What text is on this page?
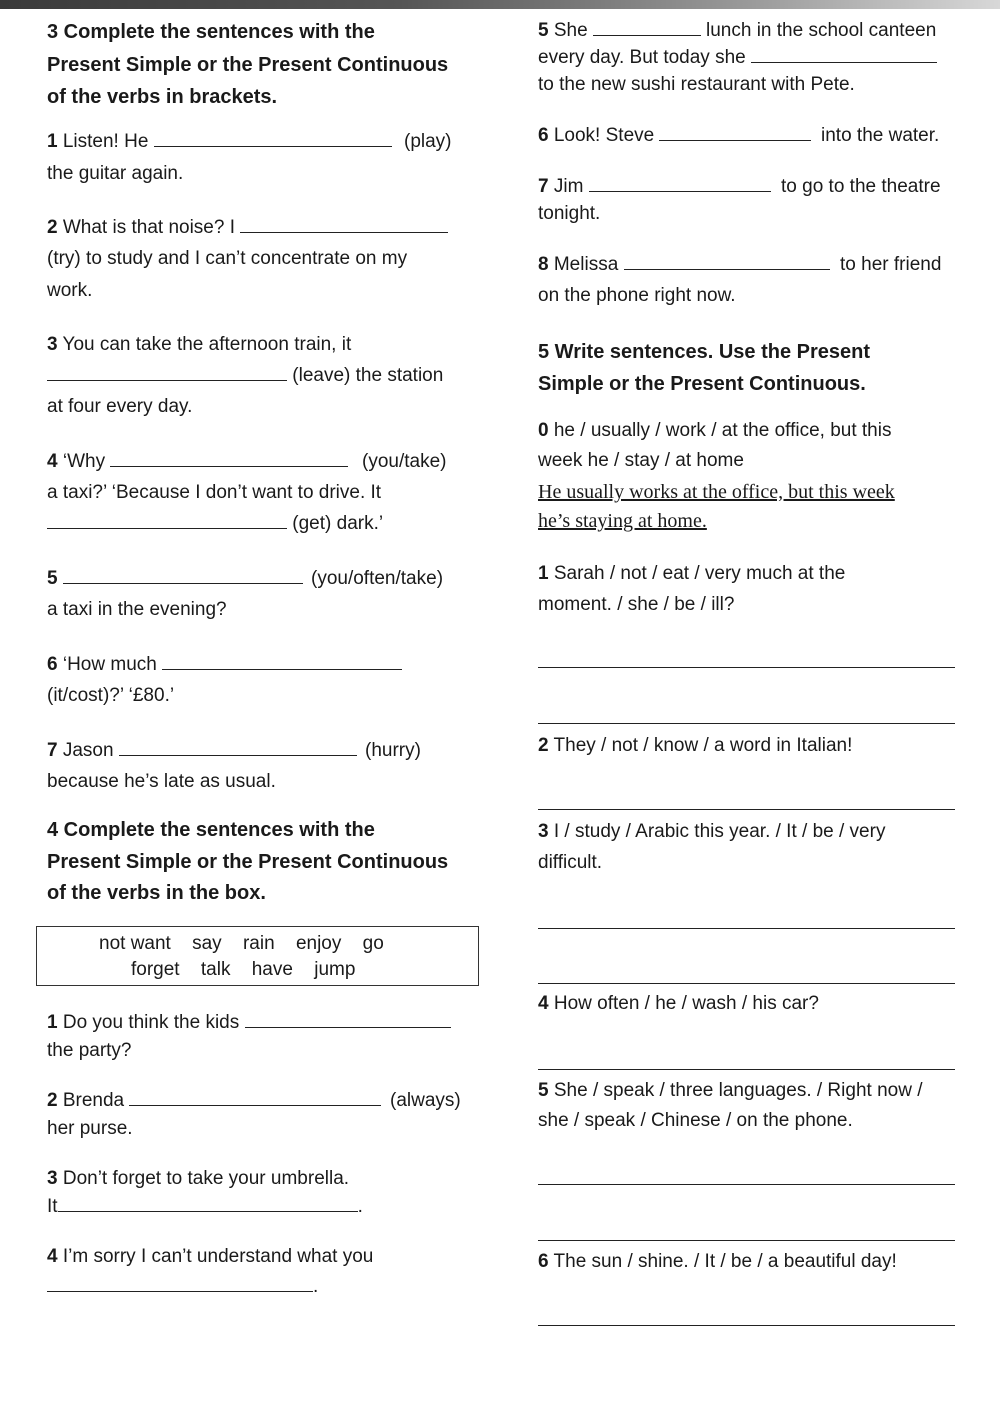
3 Complete the sentences with the
Present Simple or the Present Continuous
of the verbs in brackets.
1 Listen! He	(play)
the guitar again.
2 What is that noise? I
(try) to study and I can’t concentrate on my
work.
3 You can take the afternoon train, it
(leave) the station
at four every day.
4 ‘Why	(you/take)
a taxi?’ ‘Because I don’t want to drive. It
(get) dark.’
5	(you/often/take)
a taxi in the evening?
6 ‘How much
(it/cost)?’ ‘£80.’
7 Jason	(hurry)
because he’s late as usual.
4 Complete the sentences with the
Present Simple or the Present Continuous
of the verbs in the box.
not want say rain enjoy go
forget talk have jump
1 Do you think the kids
the party?
2 Brenda	(always)
her purse.
3 Don’t forget to take your umbrella.
It	.
4 I’m sorry I can’t understand what you
.
5 She	lunch in the school canteen
every day. But today she
to the new sushi restaurant with Pete.
6 Look! Steve	into the water.
7 Jim	to go to the theatre
tonight.
8 Melissa	to her friend
on the phone right now.
5 Write sentences. Use the Present
Simple or the Present Continuous.
0 he / usually / work / at the office, but this
week he / stay / at home
He usually works at the office, but this week
he’s staying at home.
1 Sarah / not / eat / very much at the
moment. / she / be / ill?
2 They / not / know / a word in Italian!
3 I / study / Arabic this year. / It / be / very
difficult.
4 How often / he / wash / his car?
5 She / speak / three languages. / Right now /
she / speak / Chinese / on the phone.
6 The sun / shine. / It / be / a beautiful day!
